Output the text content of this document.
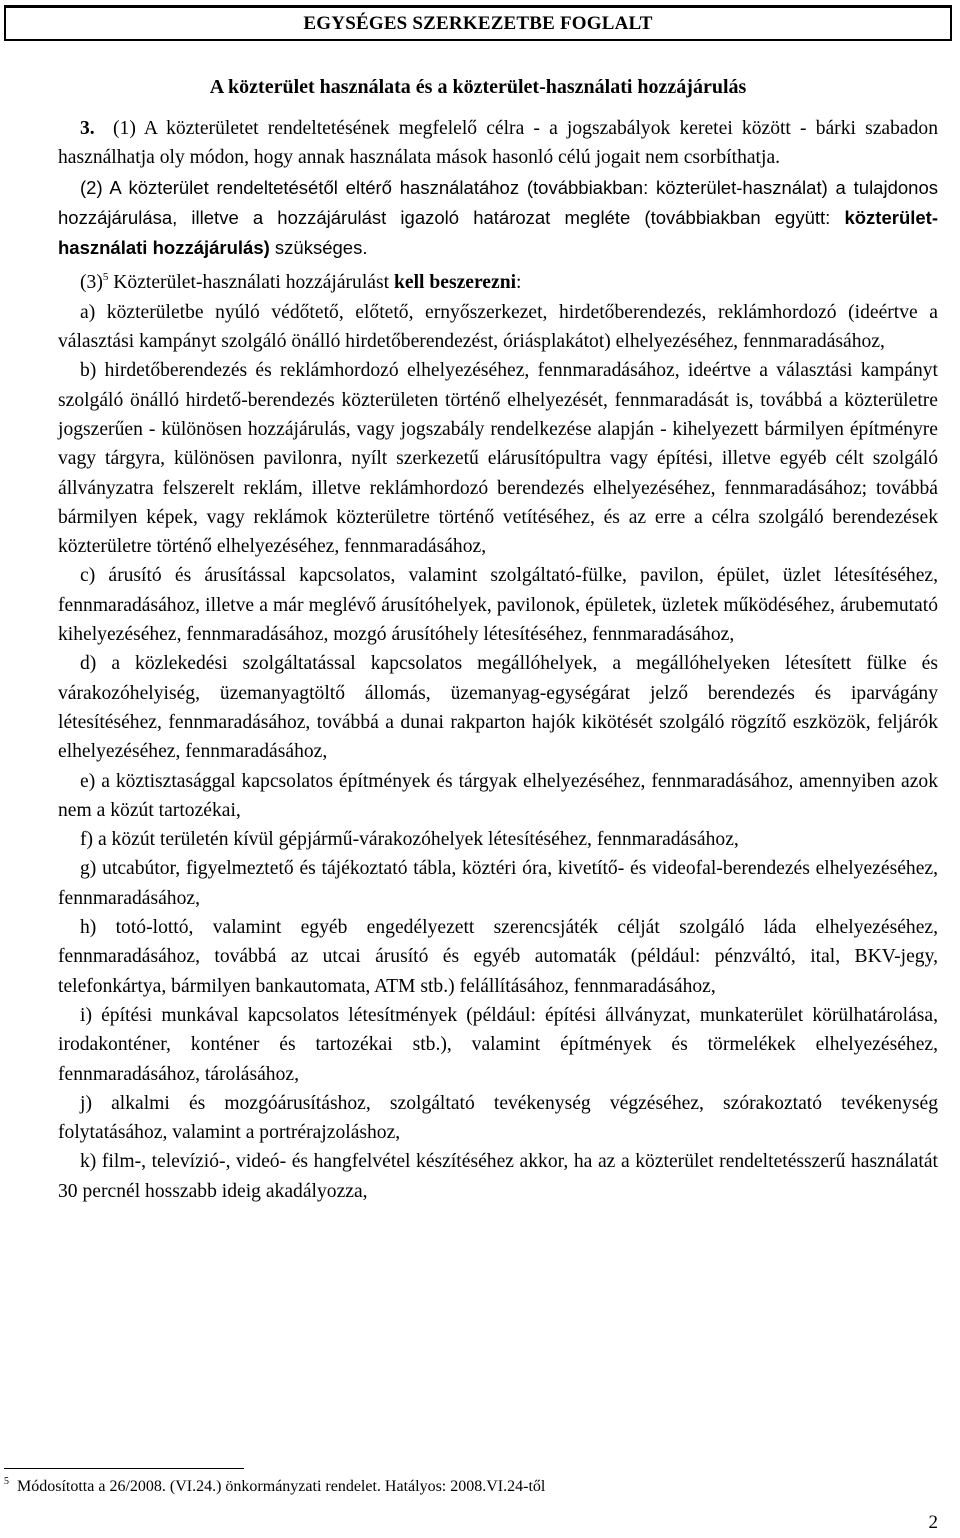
EGYSÉGES SZERKEZETBE FOGLALT
A közterület használata és a közterület-használati hozzájárulás

3. (1) A közterületet rendeltetésének megfelelő célra - a jogszabályok keretei között - bárki szabadon használhatja oly módon, hogy annak használata mások hasonló célú jogait nem csorbíthatja.

(2) A közterület rendeltetésétől eltérő használatához (továbbiakban: közterület-használat) a tulajdonos hozzájárulása, illetve a hozzájárulást igazoló határozat megléte (továbbiakban együtt: közterület-használati hozzájárulás) szükséges.

$(3)^5$ Közterület-használati hozzájárulást kell beszerezni:

a) közterületbe nyúló védőtető, előtető, ernyőszerkezet, hirdetőberendezés, reklámhordozó (ideértve a választási kampányt szolgáló önálló hirdetőberendezést, óriásplakátot) elhelyezéséhez, fennmaradásához,

b) hirdetőberendezés és reklámhordozó elhelyezéséhez, fennmaradásához, ideértve a választási kampányt szolgáló önálló hirdető-berendezés közterületen történő elhelyezését, fennmaradását is, továbbá a közterületre jogszerűen - különösen hozzájárulás, vagy jogszabály rendelkezése alapján - kihelyezett bármilyen építményre vagy tárgyra, különösen pavilonra, nyílt szerkezetű elárusítópultra vagy építési, illetve egyéb célt szolgáló állványzatra felszerelt reklám, illetve reklámhordozó berendezés elhelyezéséhez, fennmaradásához; továbbá bármilyen képek, vagy reklámok közterületre történő vetítéséhez, és az erre a célra szolgáló berendezések közterületre történő elhelyezéséhez, fennmaradásához,

c) árusító és árusítással kapcsolatos, valamint szolgáltató-fülke, pavilon, épület, üzlet létesítéséhez, fennmaradásához, illetve a már meglévő árusítóhelyek, pavilonok, épületek, üzletek működéséhez, árubemutató kihelyezéséhez, fennmaradásához, mozgó árusítóhely létesítéséhez, fennmaradásához,

d) a közlekedési szolgáltatással kapcsolatos megállóhelyek, a megállóhelyeken létesített fülke és várakozóhelyiség, üzemanyagtöltő állomás, üzemanyag-egységárat jelző berendezés és iparvágány létesítéséhez, fennmaradásához, továbbá a dunai rakparton hajók kikötését szolgáló rögzítő eszközök, feljárók elhelyezéséhez, fennmaradásához,

e) a köztisztasággal kapcsolatos építmények és tárgyak elhelyezéséhez, fennmaradásához, amennyiben azok nem a közút tartozékai,

f) a közút területén kívül gépjármű-várakozóhelyek létesítéséhez, fennmaradásához,

g) utcabútor, figyelmeztető és tájékoztató tábla, köztéri óra, kivetítő- és videofal-berendezés elhelyezéséhez, fennmaradásához,

h) totó-lottó, valamint egyéb engedélyezett szerencsjáték célját szolgáló láda elhelyezéséhez, fennmaradásához, továbbá az utcai árusító és egyéb automaták (például: pénzváltó, ital, BKV-jegy, telefonkártya, bármilyen bankautomata, ATM stb.) felállításához, fennmaradásához,

i) építési munkával kapcsolatos létesítmények (például: építési állványzat, munkaterület körülhatárolása, irodakonténer, konténer és tartozékai stb.), valamint építmények és törmelékek elhelyezéséhez, fennmaradásához, tárolásához,

j) alkalmi és mozgóárusításhoz, szolgáltató tevékenység végzéséhez, szórakoztató tevékenység folytatásához, valamint a portrérajzoláshoz,

k) film-, televízió-, videó- és hangfelvétel készítéséhez akkor, ha az a közterület rendeltetésszerű használatát 30 percnél hosszabb ideig akadályozza,

$^5$ Módosította a 26/2008. (VI.24.) önkormányzati rendelet. Hatályos: 2008.VI.24-től
2
